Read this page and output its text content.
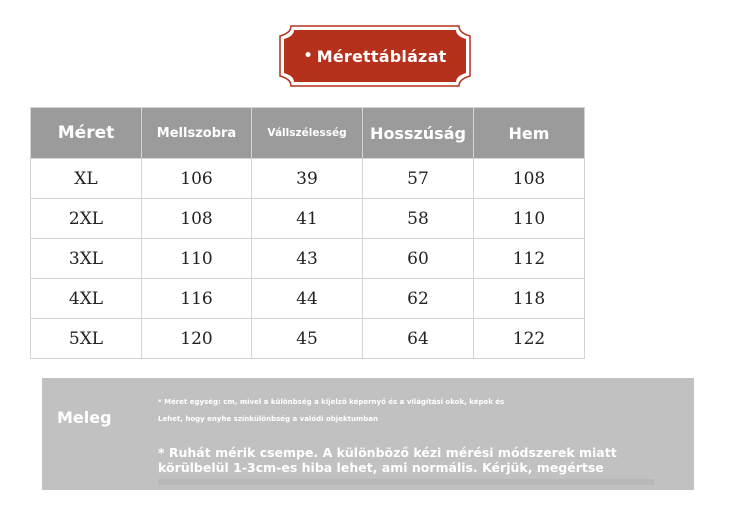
• Mérettáblázat
Méret	Mellszobra	Vállszélesség	Hosszúság	Hem
XL	106	39	57	108
2XL	108	41	58	110
3XL	110	43	60	112
4XL	116	44	62	118
5XL	120	45	64	122
Meleg
* Méret egység: cm, mivel a különbség a kijelző képernyő és a világítási okok, képek és
Lehet, hogy enyhe színkülönbség a valódi objektumban
* Ruhát mérik csempe. A különböző kézi mérési módszerek miatt
körülbelül 1-3cm-es hiba lehet, ami normális. Kérjük, megértse
